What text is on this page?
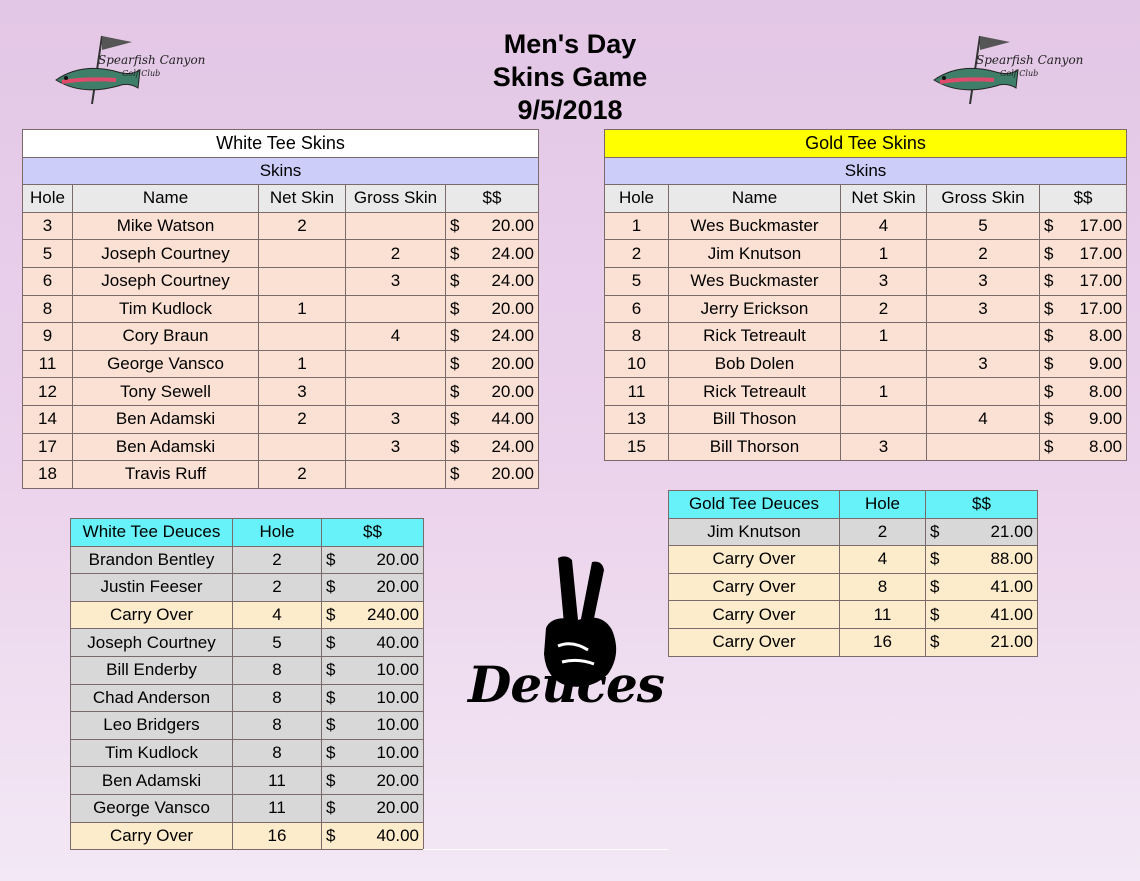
Men's Day
Skins Game
9/5/2018
Spearfish Canyon
Golf Club
Spearfish Canyon
Golf Club
White Tee Skins				
Skins				
Hole	Name	Net Skin	Gross Skin	$$
3	Mike Watson	2		$ 20.00

5	Joseph Courtney		2	$ 24.00

6	Joseph Courtney		3	$ 24.00

8	Tim Kudlock	1		$ 20.00

9	Cory Braun		4	$ 24.00

11	George Vansco	1		$ 20.00

12	Tony Sewell	3		$ 20.00

14	Ben Adamski	2	3	$ 44.00

17	Ben Adamski		3	$ 24.00

18	Travis Ruff	2		$ 20.00
Gold Tee Skins				
Skins				
Hole	Name	Net Skin	Gross Skin	$$
1	Wes Buckmaster	4	5	$ 17.00

2	Jim Knutson	1	2	$ 17.00

5	Wes Buckmaster	3	3	$ 17.00

6	Jerry Erickson	2	3	$ 17.00

8	Rick Tetreault	1		$ 8.00

10	Bob Dolen		3	$ 9.00

11	Rick Tetreault	1		$ 8.00

13	Bill Thoson		4	$ 9.00

15	Bill Thorson	3		$ 8.00
White Tee Deuces	Hole	$$
Brandon Bentley	2	$ 20.00

Justin Feeser	2	$ 20.00

Carry Over	4	$ 240.00

Joseph Courtney	5	$ 40.00

Bill Enderby	8	$ 10.00

Chad Anderson	8	$ 10.00

Leo Bridgers	8	$ 10.00

Tim Kudlock	8	$ 10.00

Ben Adamski	11	$ 20.00

George Vansco	11	$ 20.00

Carry Over	16	$ 40.00
Gold Tee Deuces	Hole	$$
Jim Knutson	2	$ 21.00

Carry Over	4	$ 88.00

Carry Over	8	$ 41.00

Carry Over	11	$ 41.00

Carry Over	16	$ 21.00
Deuces
